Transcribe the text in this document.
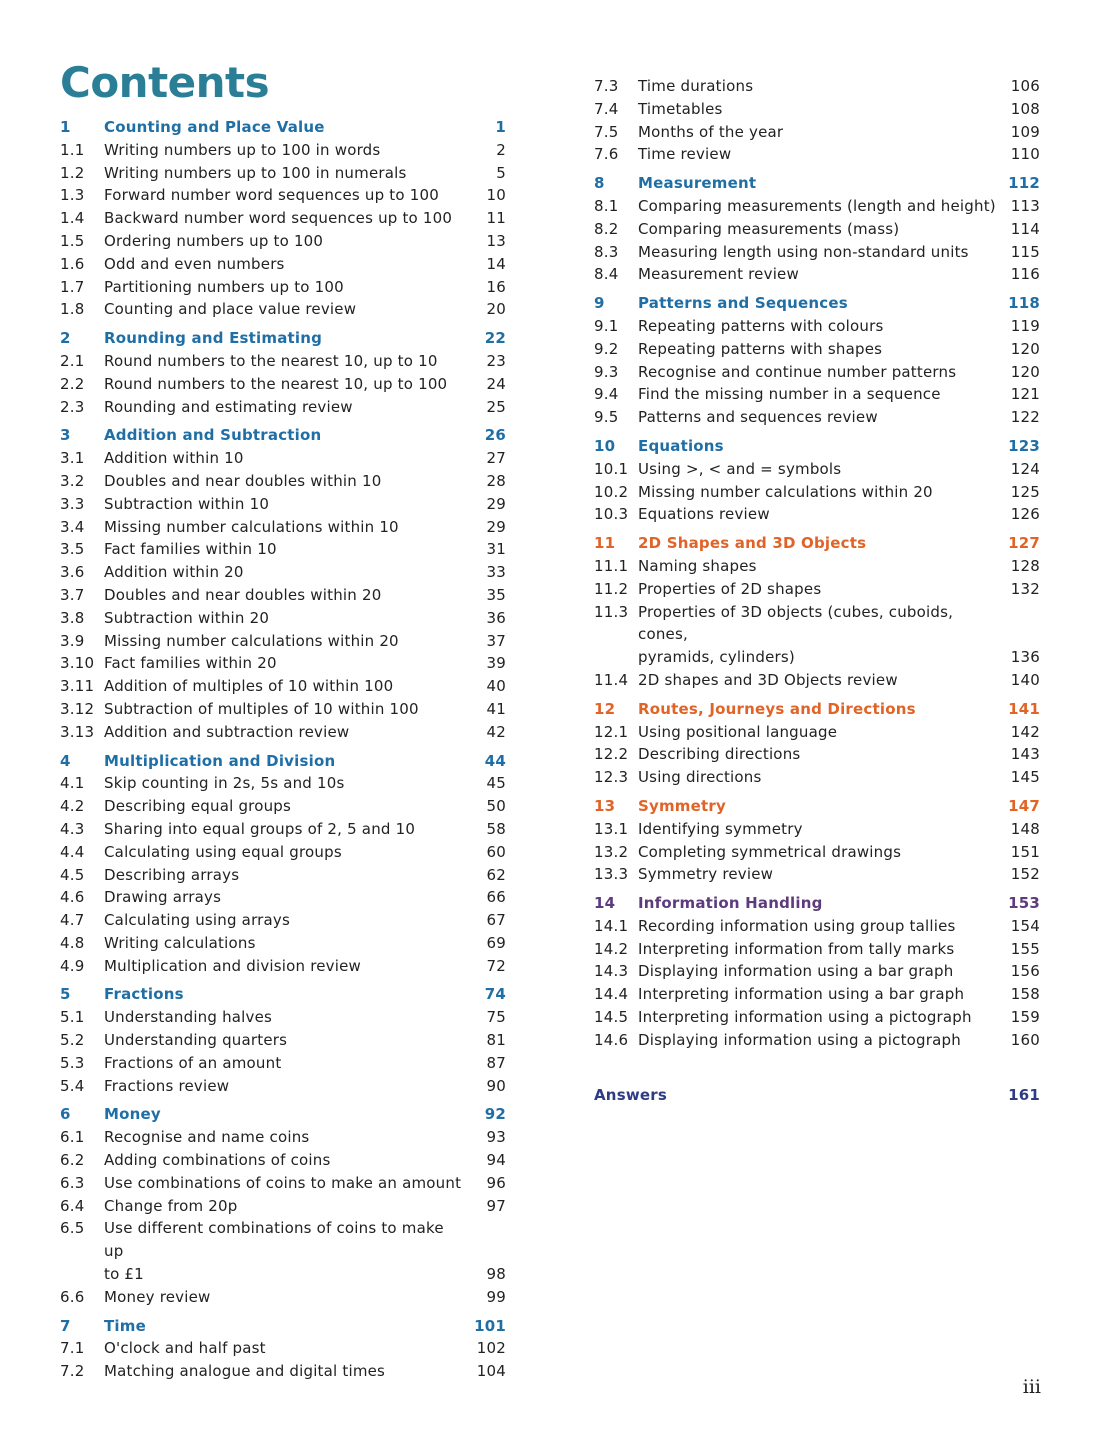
Contents
1	Counting and Place Value	1
1.1	Writing numbers up to 100 in words	2
1.2	Writing numbers up to 100 in numerals	5
1.3	Forward number word sequences up to 100	10
1.4	Backward number word sequences up to 100	11
1.5	Ordering numbers up to 100	13
1.6	Odd and even numbers	14
1.7	Partitioning numbers up to 100	16
1.8	Counting and place value review	20
2	Rounding and Estimating	22
2.1	Round numbers to the nearest 10, up to 10	23
2.2	Round numbers to the nearest 10, up to 100	24
2.3	Rounding and estimating review	25
3	Addition and Subtraction	26
3.1	Addition within 10	27
3.2	Doubles and near doubles within 10	28
3.3	Subtraction within 10	29
3.4	Missing number calculations within 10	29
3.5	Fact families within 10	31
3.6	Addition within 20	33
3.7	Doubles and near doubles within 20	35
3.8	Subtraction within 20	36
3.9	Missing number calculations within 20	37
3.10 Fact families within 20	39
3.11 Addition of multiples of 10 within 100	40
3.12 Subtraction of multiples of 10 within 100	41
3.13 Addition and subtraction review	42
4	Multiplication and Division	44
4.1	Skip counting in 2s, 5s and 10s	45
4.2	Describing equal groups	50
4.3	Sharing into equal groups of 2, 5 and 10	58
4.4	Calculating using equal groups	60
4.5	Describing arrays	62
4.6	Drawing arrays	66
4.7	Calculating using arrays	67
4.8	Writing calculations	69
4.9	Multiplication and division review	72
5	Fractions	74
5.1	Understanding halves	75
5.2	Understanding quarters	81
5.3	Fractions of an amount	87
5.4	Fractions review	90
6	Money	92
6.1	Recognise and name coins	93
6.2	Adding combinations of coins	94
6.3	Use combinations of coins to make an amount	96
6.4	Change from 20p	97
6.5	Use different combinations of coins to make up
to £1	98
6.6	Money review	99
7	Time	101
7.1	O'clock and half past	102
7.2	Matching analogue and digital times	104
7.3	Time durations	106
7.4	Timetables	108
7.5	Months of the year	109
7.6	Time review	110
8	Measurement	112
8.1	Comparing measurements (length and height) 113
8.2	Comparing measurements (mass)	114
8.3	Measuring length using non-standard units	115
8.4	Measurement review	116
9	Patterns and Sequences	118
9.1	Repeating patterns with colours	119
9.2	Repeating patterns with shapes	120
9.3	Recognise and continue number patterns	120
9.4	Find the missing number in a sequence	121
9.5	Patterns and sequences review	122
10	Equations	123
10.1 Using >, < and = symbols	124
10.2 Missing number calculations within 20	125
10.3 Equations review	126
11	2D Shapes and 3D Objects	127
11.1 Naming shapes	128
11.2 Properties of 2D shapes	132
11.3 Properties of 3D objects (cubes, cuboids, cones,
pyramids, cylinders)	136
11.4 2D shapes and 3D Objects review	140
12	Routes, Journeys and Directions	141
12.1 Using positional language	142
12.2 Describing directions	143
12.3 Using directions	145
13	Symmetry	147
13.1 Identifying symmetry	148
13.2 Completing symmetrical drawings	151
13.3 Symmetry review	152
14	Information Handling	153
14.1 Recording information using group tallies	154
14.2 Interpreting information from tally marks	155
14.3 Displaying information using a bar graph	156
14.4 Interpreting information using a bar graph	158
14.5 Interpreting information using a pictograph	159
14.6 Displaying information using a pictograph	160
Answers	161
iii
